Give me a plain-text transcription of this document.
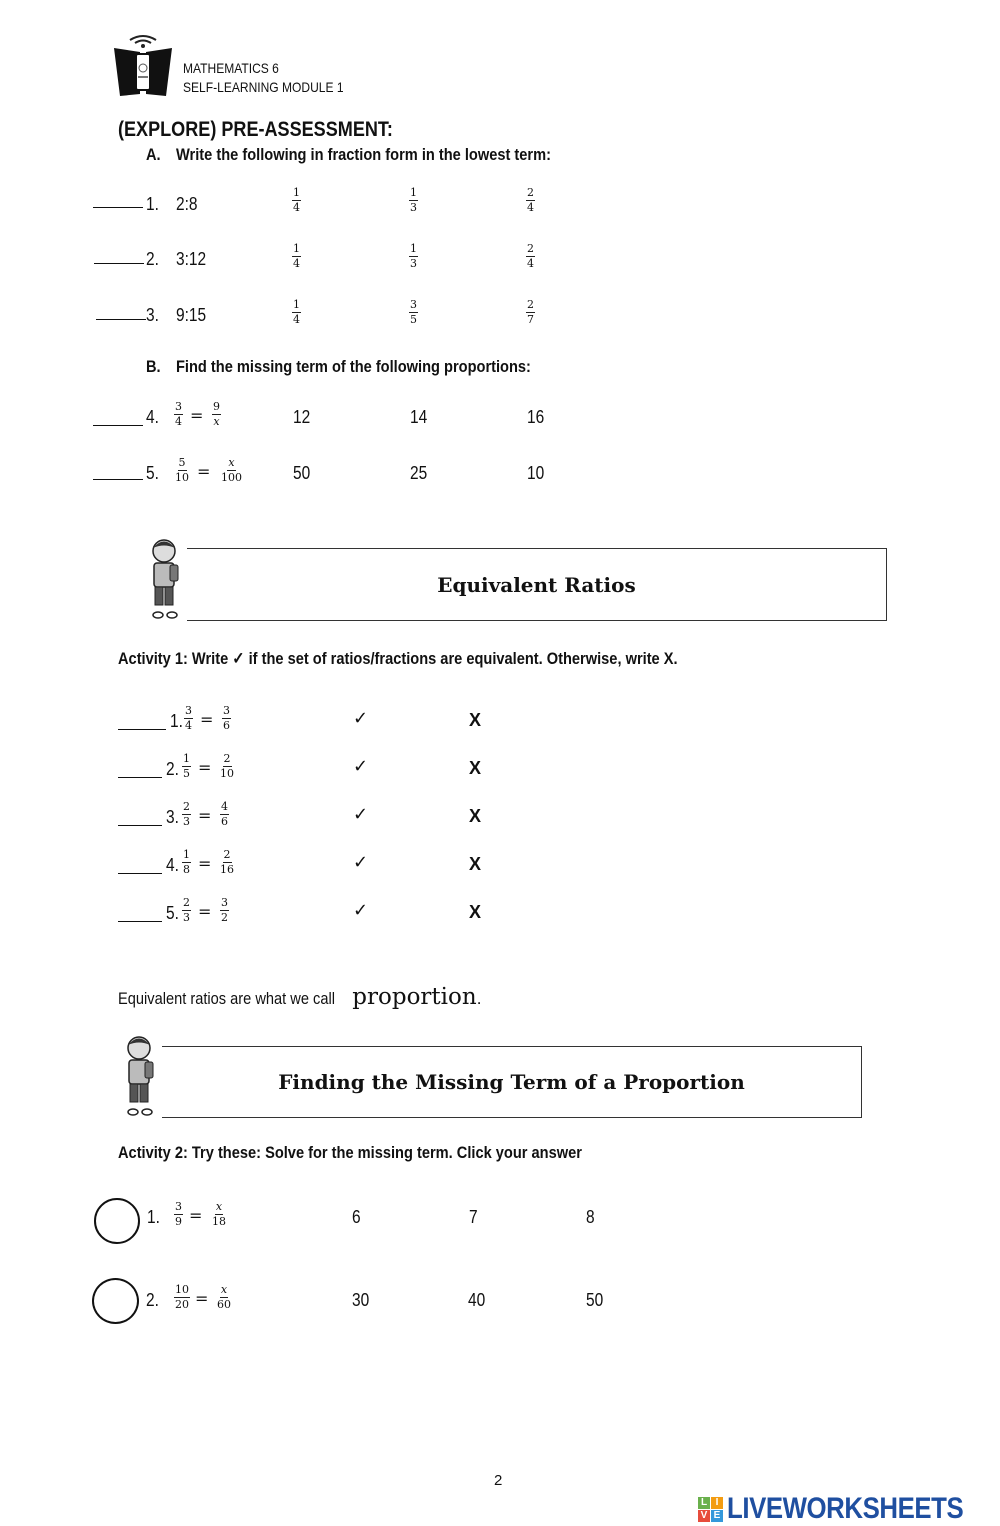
MATHEMATICS 6
SELF-LEARNING MODULE 1
(EXPLORE) PRE-ASSESSMENT:
A. Write the following in fraction form in the lowest term:
1. 2:8	$\frac{1}{4}$	$\frac{1}{3}$	$\frac{2}{4}$
2. 3:12	$\frac{1}{4}$	$\frac{1}{3}$	$\frac{2}{4}$
3. 9:15	$\frac{1}{4}$	$\frac{3}{5}$	$\frac{2}{7}$
B. Find the missing term of the following proportions:
4. $\frac{3}{4} = \frac{9}{x}$	12	14	16
5. $\frac{5}{10} = \frac{x}{100}$	50	25	10
Equivalent Ratios
Activity 1: Write ✓ if the set of ratios/fractions are equivalent. Otherwise, write X.
1. $\frac{3}{4} = \frac{3}{6}$	✓	X
2. $\frac{1}{5} = \frac{2}{10}$	✓	X
3. $\frac{2}{3} = \frac{4}{6}$	✓	X
4. $\frac{1}{8} = \frac{2}{16}$	✓	X
5. $\frac{2}{3} = \frac{3}{2}$	✓	X
Equivalent ratios are what we call proportion.
Finding the Missing Term of a Proportion
Activity 2: Try these: Solve for the missing term. Click your answer
1. $\frac{3}{9} = \frac{x}{18}$	6	7	8
2. $\frac{10}{20} = \frac{x}{60}$	30	40	50
2
L I
V E LIVEWORKSHEETS
